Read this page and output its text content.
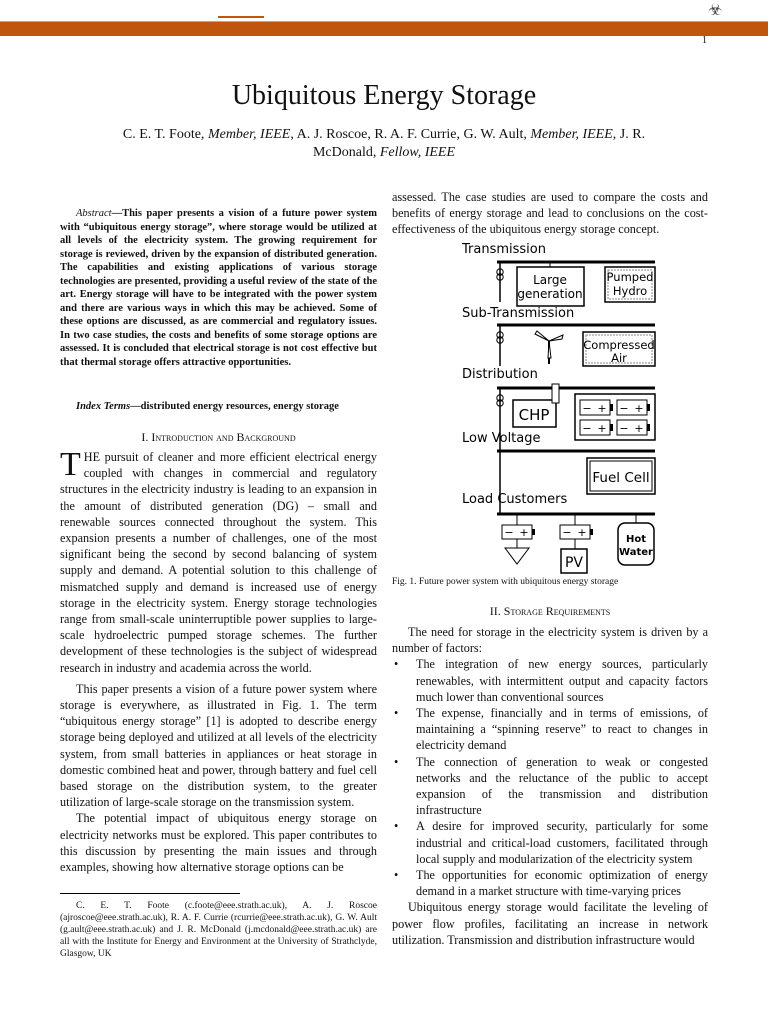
☣
1
Ubiquitous Energy Storage
C. E. T. Foote, Member, IEEE, A. J. Roscoe, R. A. F. Currie, G. W. Ault, Member, IEEE, J. R.
McDonald, Fellow, IEEE
Abstract—This paper presents a vision of a future power system with “ubiquitous energy storage”, where storage would be utilized at all levels of the electricity system. The growing requirement for storage is reviewed, driven by the expansion of distributed generation. The capabilities and existing applications of various storage technologies are presented, providing a useful review of the state of the art. Energy storage will have to be integrated with the power system and there are various ways in which this may be achieved. Some of these options are discussed, as are commercial and regulatory issues. In two case studies, the costs and benefits of some storage options are assessed. It is concluded that electrical storage is not cost effective but that thermal storage offers attractive opportunities.
Index Terms—distributed energy resources, energy storage
I. Introduction and Background

THE pursuit of cleaner and more efficient electrical energy coupled with changes in commercial and regulatory structures in the electricity industry is leading to an expansion in the amount of distributed generation (DG) – small and renewable sources connected throughout the system. This expansion presents a number of challenges, one of the most significant being the second by second balancing of system supply and demand. A potential solution to this challenge of mismatched supply and demand is increased use of energy storage in the electricity system. Energy storage technologies range from small-scale uninterruptible power supplies to large-scale hydroelectric pumped storage schemes. The further development of these technologies is the subject of widespread research in industry and academia across the world.

This paper presents a vision of a future power system where storage is everywhere, as illustrated in Fig. 1. The term “ubiquitous energy storage” [1] is adopted to describe energy storage being deployed and utilized at all levels of the electricity system, from small batteries in appliances or heat storage in domestic combined heat and power, through battery and fuel cell based storage on the distribution system, to the greater utilization of large-scale storage on the transmission system.

The potential impact of ubiquitous energy storage on electricity networks must be explored. This paper contributes to this discussion by presenting the main issues and through examples, showing how alternative storage options can be

C. E. T. Foote (c.foote@eee.strath.ac.uk), A. J. Roscoe (ajroscoe@eee.strath.ac.uk), R. A. F. Currie (rcurrie@eee.strath.ac.uk), G. W. Ault (g.ault@eee.strath.ac.uk) and J. R. McDonald (j.mcdonald@eee.strath.ac.uk) are all with the Institute for Energy and Environment at the University of Strathclyde, Glasgow, UK
assessed. The case studies are used to compare the costs and benefits of energy storage and lead to conclusions on the cost-effectiveness of the ubiquitous energy storage concept.
Transmission
Large
generation
Pumped
Hydro
Sub-Transmission
Compressed
Air
Distribution
CHP	− + − +
− + − +
Low Voltage
Fuel Cell
Load Customers
− +	− +
PV
Hot
Water
Fig. 1. Future power system with ubiquitous energy storage
II. Storage Requirements

The need for storage in the electricity system is driven by a number of factors:

• The integration of new energy sources, particularly renewables, with intermittent output and capacity factors much lower than conventional sources
• The expense, financially and in terms of emissions, of maintaining a “spinning reserve” to react to changes in electricity demand
• The connection of generation to weak or congested networks and the reluctance of the public to accept expansion of the transmission and distribution infrastructure
• A desire for improved security, particularly for some industrial and critical-load customers, facilitated through local supply and modularization of the electricity system
• The opportunities for economic optimization of energy demand in a market structure with time-varying prices

Ubiquitous energy storage would facilitate the leveling of power flow profiles, facilitating an increase in network utilization. Transmission and distribution infrastructure would
